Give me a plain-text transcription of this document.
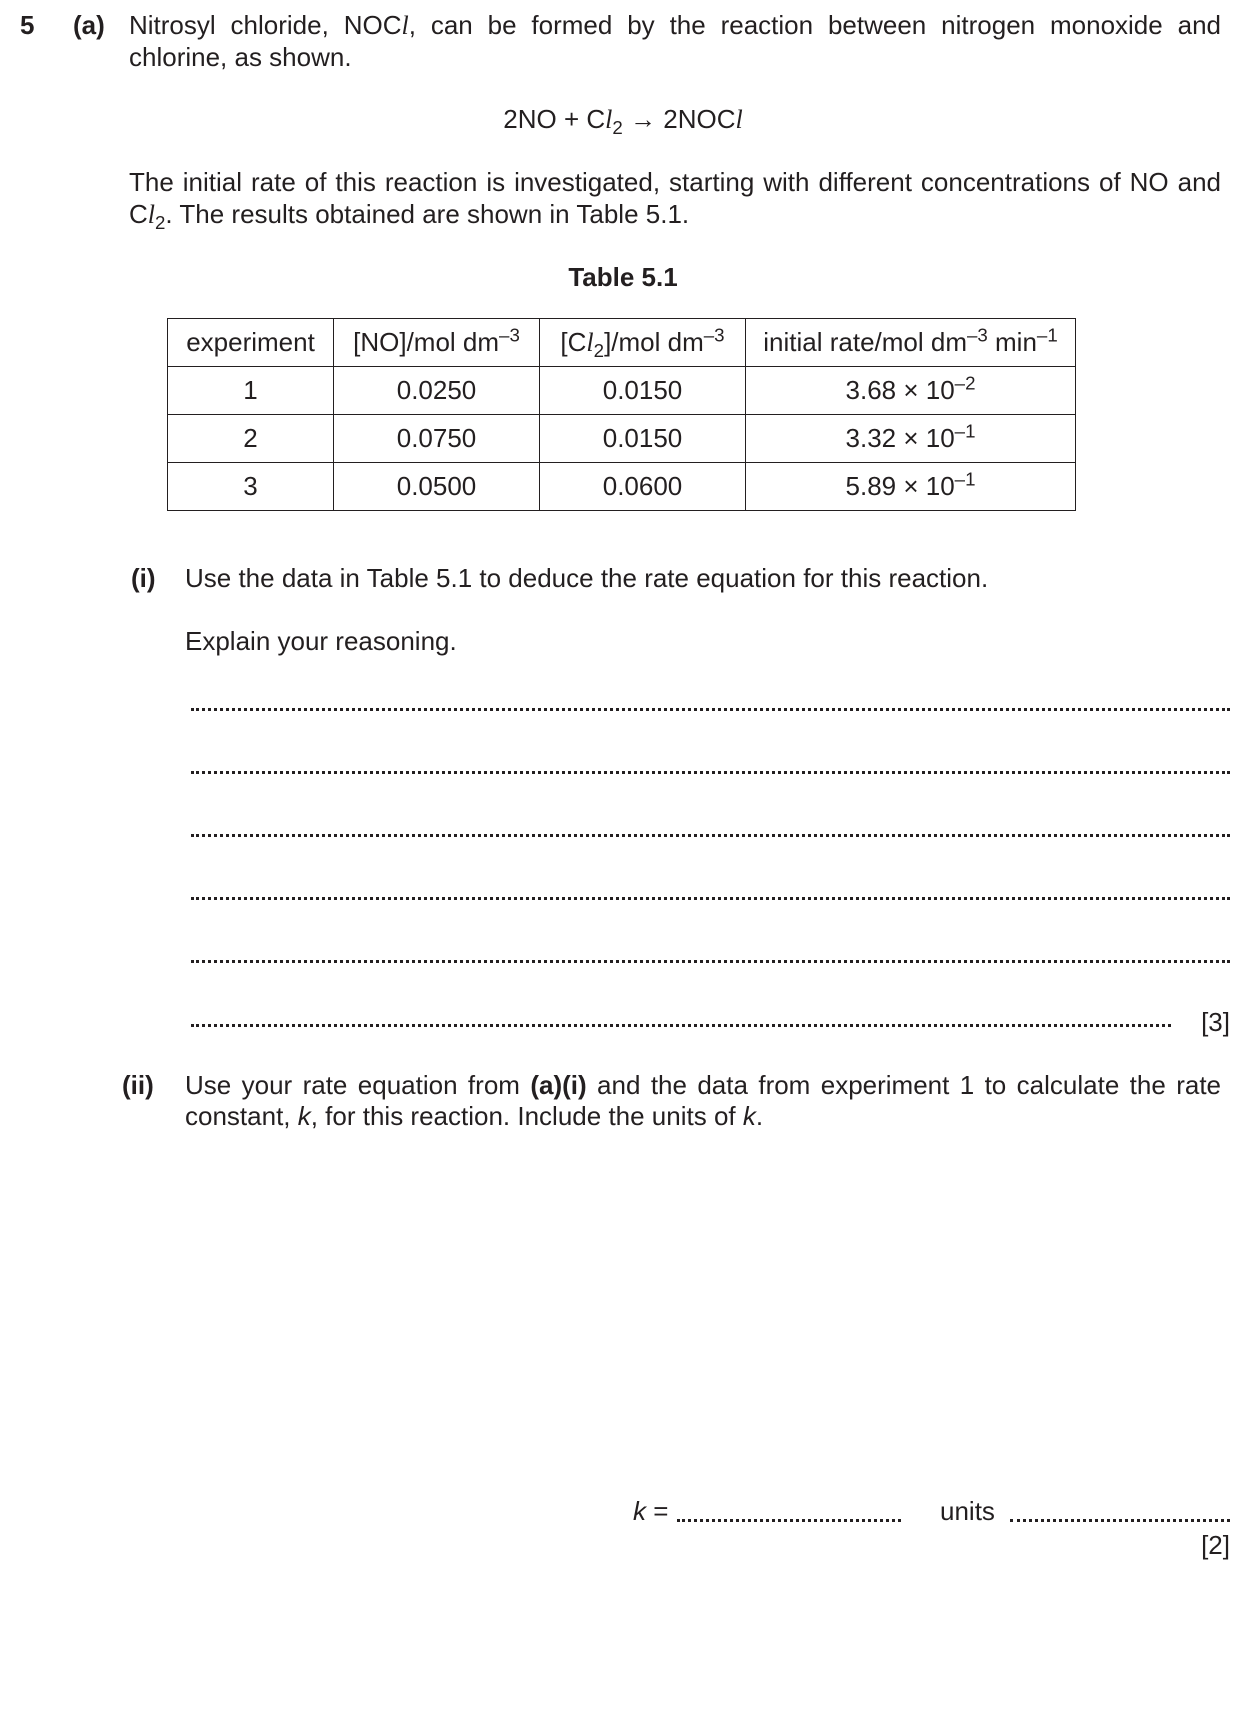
5 (a) Nitrosyl chloride, NOCl, can be formed by the reaction between nitrogen monoxide and
chlorine, as shown.
$2NO + Cl_2$ → 2NOCl
The initial rate of this reaction is investigated, starting with different concentrations of NO and
$Cl_2$. The results obtained are shown in Table 5.1.
Table 5.1
experiment	[NO]/mol $dm^{-3}$	$[Cl_2]$/mol $dm^{-3}$	initial rate/mol $dm^{-3}$ $\min^{-1}$
1	0.0250	0.0150	$3.68 \times 10^{-2}$
2	0.0750	0.0150	$3.32 \times 10^{-1}$
3	0.0500	0.0600	$5.89 \times 10^{-1}$
(i) Use the data in Table 5.1 to deduce the rate equation for this reaction.
Explain your reasoning.
[3]
(ii) Use your rate equation from (a)(i) and the data from experiment 1 to calculate the rate
constant, k, for this reaction. Include the units of k.
k =	units
[2]
